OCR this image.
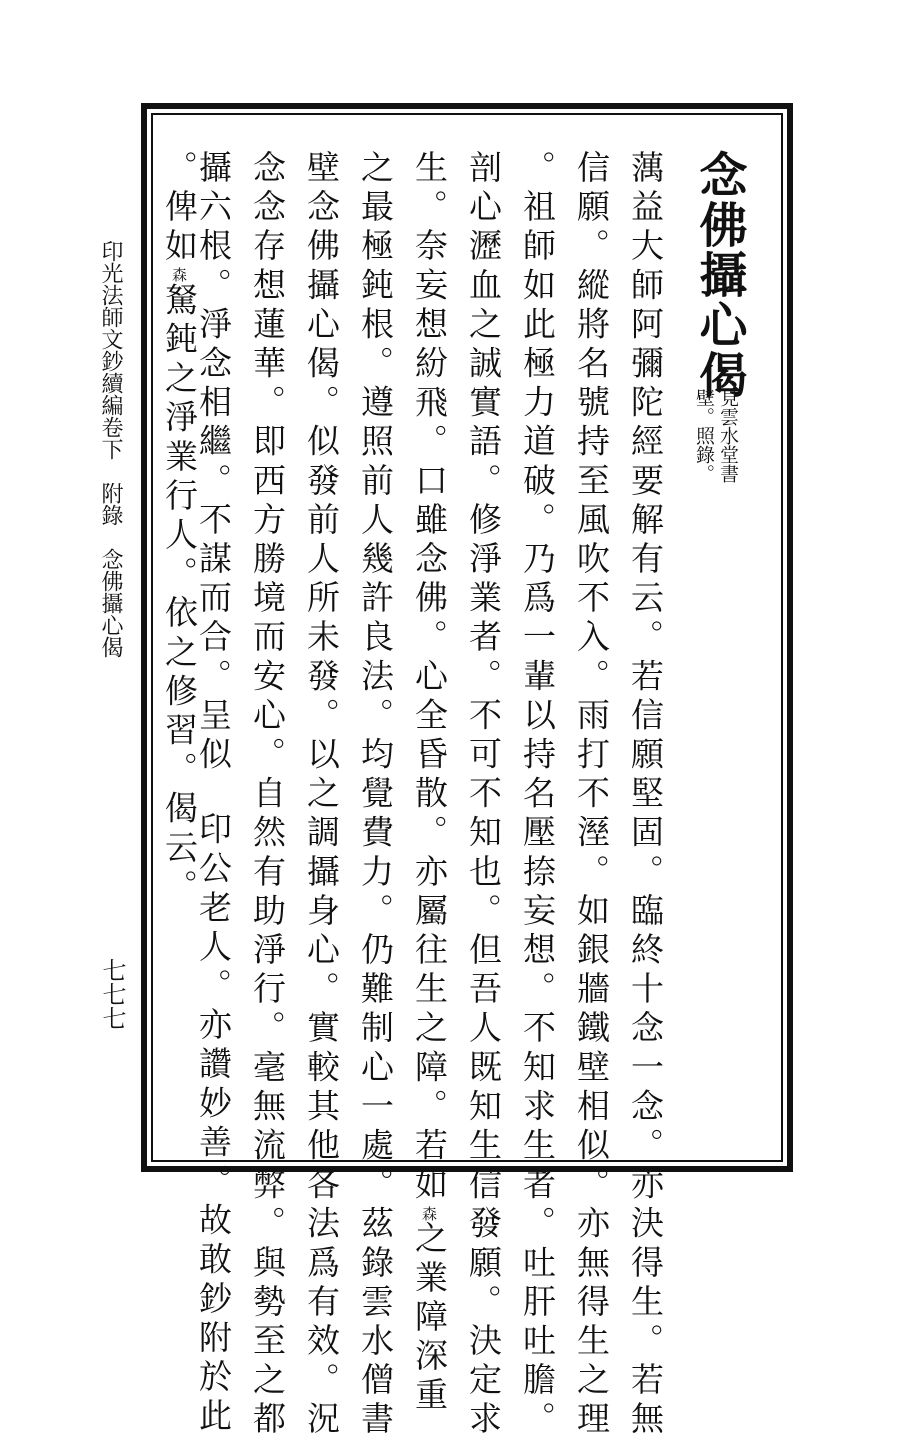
念佛攝心偈
見雲水堂書
壁。照錄。
蕅益大師阿彌陀經要解有云。若信願堅固。臨終十念一念。亦決得生。若無
信願。縱將名號持至風吹不入。雨打不溼。如銀牆鐵壁相似。亦無得生之理
。祖師如此極力道破。乃爲一輩以持名壓捺妄想。不知求生者。吐肝吐膽。
剖心瀝血之誠實語。修淨業者。不可不知也。但吾人既知生信發願。決定求
生。奈妄想紛飛。口雖念佛。心全昏散。亦屬往生之障。若如森之業障深重
之最極鈍根。遵照前人幾許良法。均覺費力。仍難制心一處。茲錄雲水僧書
壁念佛攝心偈。似發前人所未發。以之調攝身心。實較其他各法爲有效。況
念念存想蓮華。即西方勝境而安心。自然有助淨行。毫無流弊。與勢至之都
攝六根。淨念相繼。不謀而合。呈似印公老人。亦讚妙善。故敢鈔附於此
。俾如森駑鈍之淨業行人。依之修習。偈云。
印光法師文鈔續編卷下附錄念佛攝心偈
七七七
